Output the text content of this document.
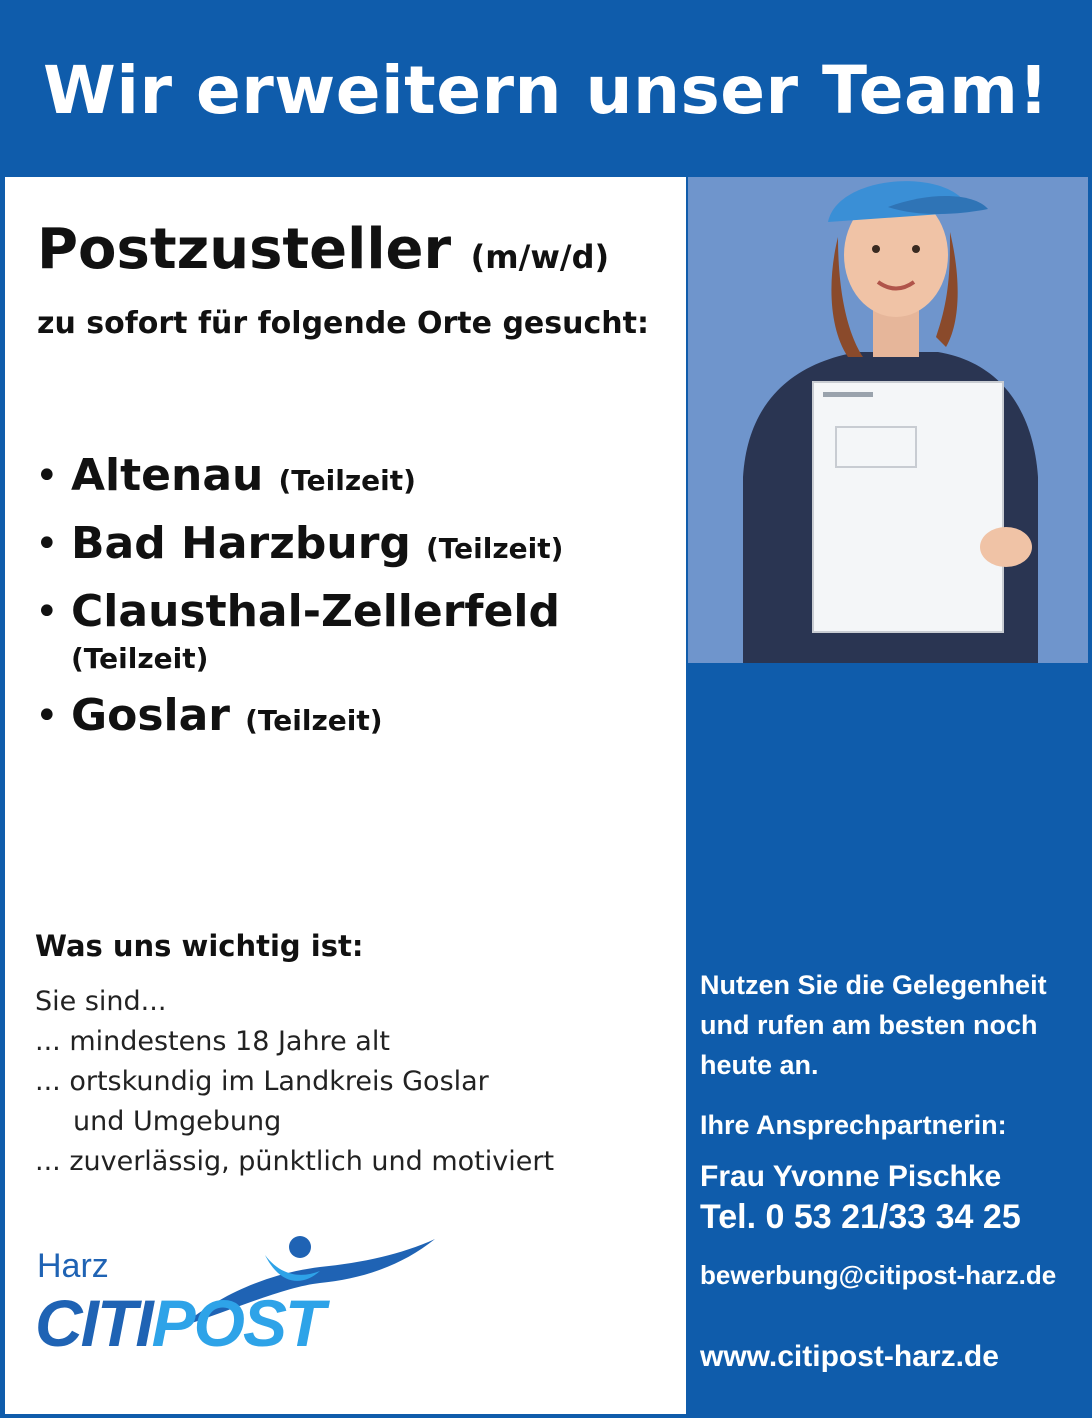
Wir erweitern unser Team!
Postzusteller (m/w/d)
zu sofort für folgende Orte gesucht:
• Altenau (Teilzeit)
• Bad Harzburg (Teilzeit)
• Clausthal-Zellerfeld
(Teilzeit)
• Goslar (Teilzeit)
Was uns wichtig ist:
Sie sind...
... mindestens 18 Jahre alt
... ortskundig im Landkreis Goslar
und Umgebung
... zuverlässig, pünktlich und motiviert
Harz
CITIPOST
Nutzen Sie die Gelegenheit und rufen am besten noch heute an.
Ihre Ansprechpartnerin:
Frau Yvonne Pischke
Tel. 0 53 21/33 34 25
bewerbung@citipost-harz.de
www.citipost-harz.de
